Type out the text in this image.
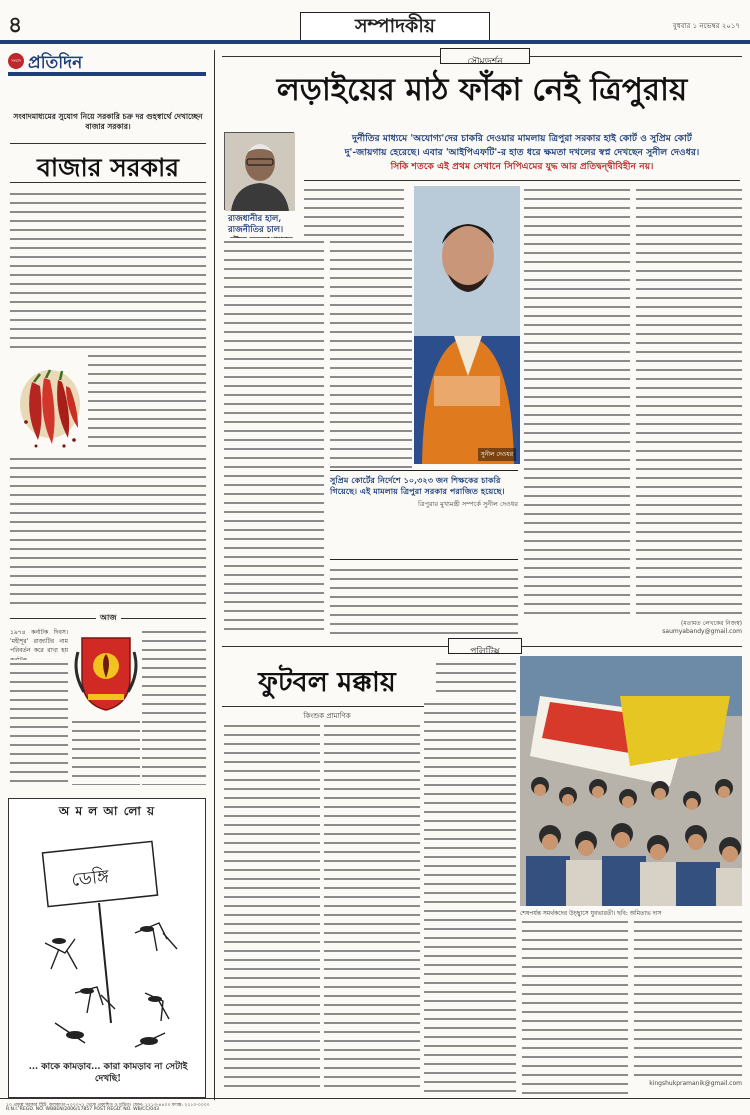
৪	সম্পাদকীয়	বুধবার ১ নভেম্বর ২০১৭
সংবাদ প্রতিদিন
সংবাদমাধ্যমের সুযোগ নিয়ে সরকারি চক্র দর গুহস্বার্থে দেখাচ্ছেন বাজার সরকার।
বাজার সরকার
আজ
১৯৭৪ কর্নাটক দিবস। 'মহীশূর' রাজ্যটির নাম পরিবর্তন করে রাখা হয়
অ ম ল আ লো য়
ডেঙ্গি
... কাকে কামড়াব... কারা কামড়াব না সেটাই দেখছি!
সৌম্যদর্শন
লড়াইয়ের মাঠ ফাঁকা নেই ত্রিপুরায়
রাজধানীর হাল,
রাজনীতির চাল।
দুর্নীতির মাধ্যমে 'অযোগ্য'দের চাকরি দেওয়ার মামলায় ত্রিপুরা সরকার হাই কোর্ট ও সুপ্রিম কোর্ট
দু'-জায়গায় হেরেছে। এবার 'আইপিএফটি'-র হাত ধরে ক্ষমতা দখলের স্বপ্ন দেখছেন সুনীল দেওধর।
সিকি শতকে এই প্রথম সেখানে সিপিএমের যুদ্ধ আর প্রতিদ্বন্দ্বীবিহীন নয়।
সুপ্রিম কোর্টের নির্দেশে ১০,৩২৩ জন শিক্ষকের চাকরি গিয়েছে। এই মামলায় ত্রিপুরা সরকার পরাজিত হয়েছে।
ত্রিপুরার মুখ্যমন্ত্রী সম্পর্কে সুনীল দেওধর
সুনীল দেওধর
(মতামত লেখকের নিজস্ব)
saumyabandy@gmail.com
পলিটিক্স
ফুটবল মক্কায়
কিংশুক প্রামাণিক
শেষপর্যন্ত সমর্থকদের উচ্ছ্বাসে যুবভারতী। ছবি: অমিতাভ দাস
kingshukpramanik@gmail.com
২০ প্রফুল্ল সরকার স্ট্রিট, কলকাতা-৭০০০৭২ থেকে প্রকাশিত ও মুদ্রিত। ফোন: ২২১৩-৪৪০০ ফ্যাক্স: ২২১৩-০০০০
R.N.I. REGD. NO. WBBEN/2006/17857 POST REGD. NO. WB/CC/043
